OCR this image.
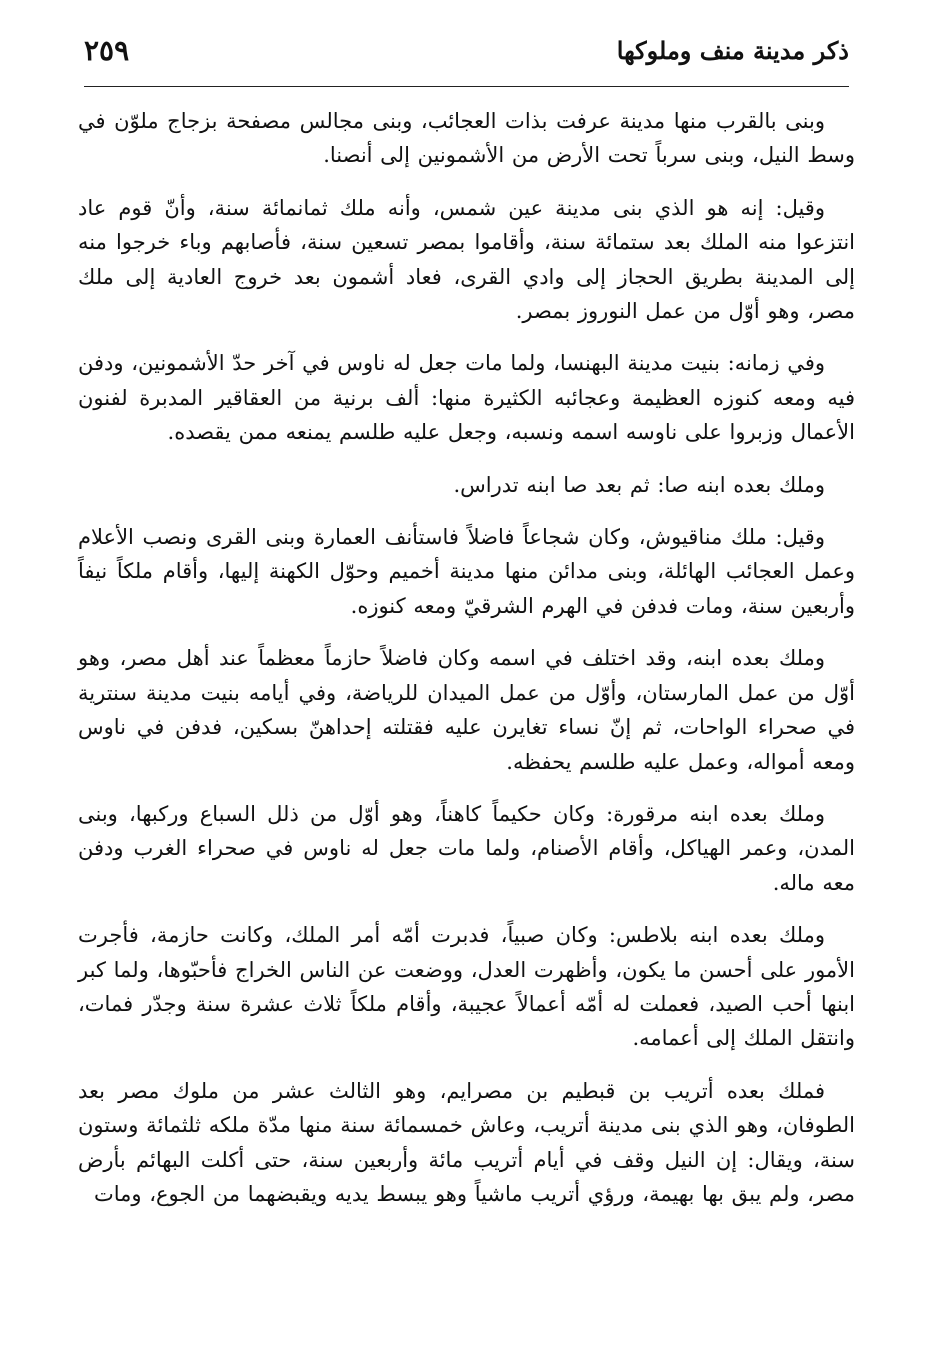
٢٥٩	ذكر مدينة منف وملوكها

وبنى بالقرب منها مدينة عرفت بذات العجائب، وبنى مجالس مصفحة بزجاج ملوّن في وسط النيل، وبنى سرباً تحت الأرض من الأشمونين إلى أنصنا.

وقيل: إنه هو الذي بنى مدينة عين شمس، وأنه ملك ثمانمائة سنة، وأنّ قوم عاد انتزعوا منه الملك بعد ستمائة سنة، وأقاموا بمصر تسعين سنة، فأصابهم وباء خرجوا منه إلى المدينة بطريق الحجاز إلى وادي القرى، فعاد أشمون بعد خروج العادية إلى ملك مصر، وهو أوّل من عمل النوروز بمصر.

وفي زمانه: بنيت مدينة البهنسا، ولما مات جعل له ناوس في آخر حدّ الأشمونين، ودفن فيه ومعه كنوزه العظيمة وعجائبه الكثيرة منها: ألف برنية من العقاقير المدبرة لفنون الأعمال وزبروا على ناوسه اسمه ونسبه، وجعل عليه طلسم يمنعه ممن يقصده.

وملك بعده ابنه صا: ثم بعد صا ابنه تدراس.

وقيل: ملك مناقيوش، وكان شجاعاً فاضلاً فاستأنف العمارة وبنى القرى ونصب الأعلام وعمل العجائب الهائلة، وبنى مدائن منها مدينة أخميم وحوّل الكهنة إليها، وأقام ملكاً نيفاً وأربعين سنة، ومات فدفن في الهرم الشرقيّ ومعه كنوزه.

وملك بعده ابنه، وقد اختلف في اسمه وكان فاضلاً حازماً معظماً عند أهل مصر، وهو أوّل من عمل المارستان، وأوّل من عمل الميدان للرياضة، وفي أيامه بنيت مدينة سنترية في صحراء الواحات، ثم إنّ نساء تغايرن عليه فقتلته إحداهنّ بسكين، فدفن في ناوس ومعه أمواله، وعمل عليه طلسم يحفظه.

وملك بعده ابنه مرقورة: وكان حكيماً كاهناً، وهو أوّل من ذلل السباع وركبها، وبنى المدن، وعمر الهياكل، وأقام الأصنام، ولما مات جعل له ناوس في صحراء الغرب ودفن معه ماله.

وملك بعده ابنه بلاطس: وكان صبياً، فدبرت أمّه أمر الملك، وكانت حازمة، فأجرت الأمور على أحسن ما يكون، وأظهرت العدل، ووضعت عن الناس الخراج فأحبّوها، ولما كبر ابنها أحب الصيد، فعملت له أمّه أعمالاً عجيبة، وأقام ملكاً ثلاث عشرة سنة وجدّر فمات، وانتقل الملك إلى أعمامه.

فملك بعده أتريب بن قبطيم بن مصرايم، وهو الثالث عشر من ملوك مصر بعد الطوفان، وهو الذي بنى مدينة أتريب، وعاش خمسمائة سنة منها مدّة ملكه ثلثمائة وستون سنة، ويقال: إن النيل وقف في أيام أتريب مائة وأربعين سنة، حتى أكلت البهائم بأرض مصر، ولم يبق بها بهيمة، ورؤي أتريب ماشياً وهو يبسط يديه ويقبضهما من الجوع، ومات
